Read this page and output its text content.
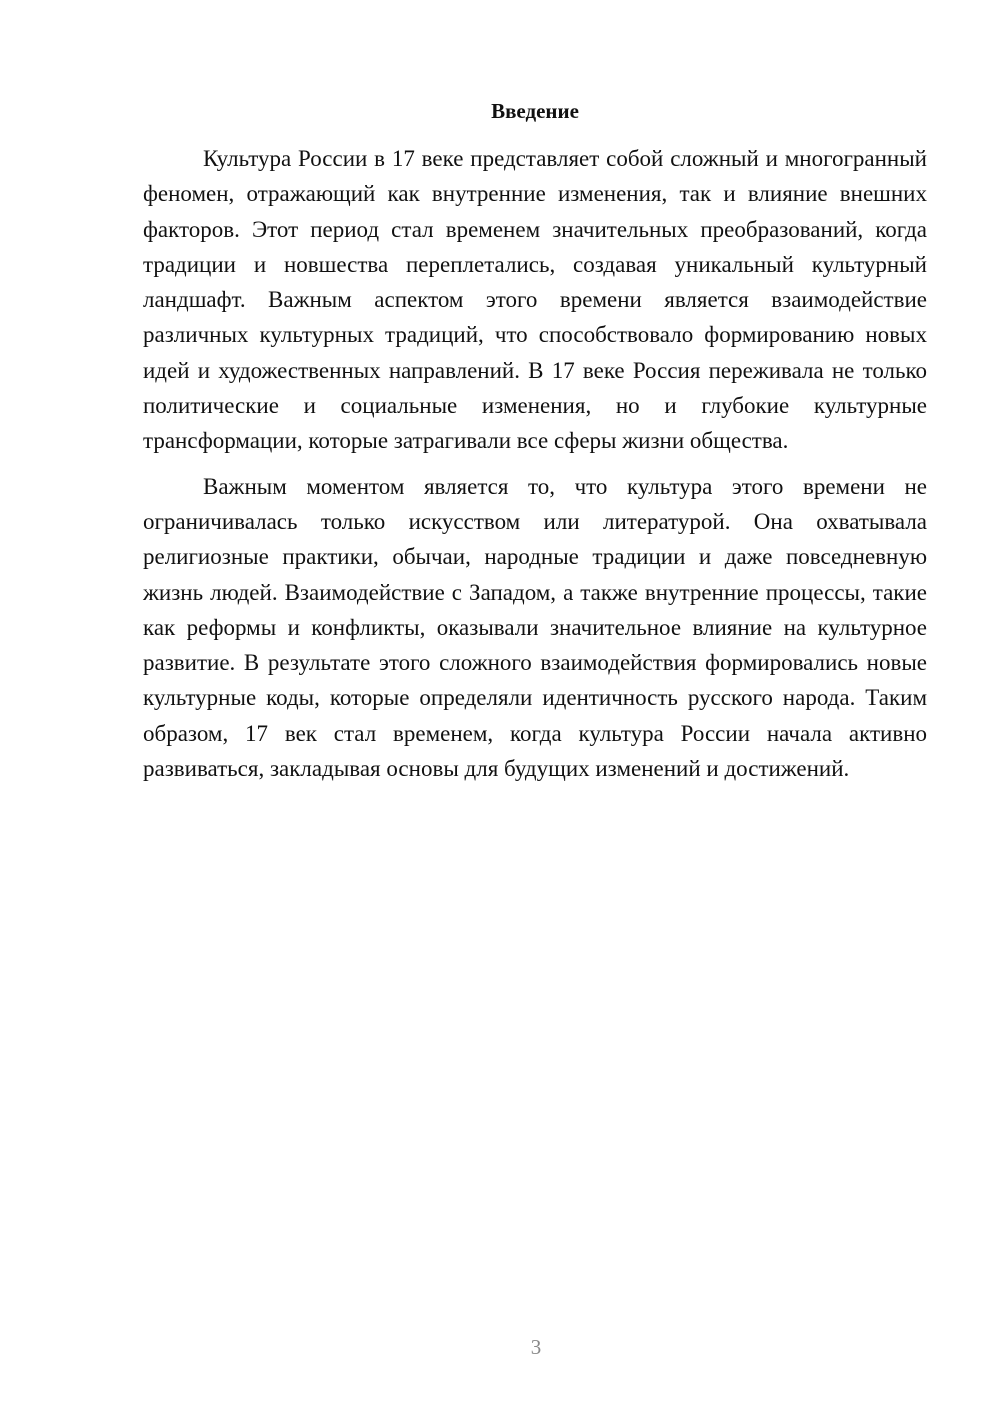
Введение

Культура России в 17 веке представляет собой сложный и многогранный феномен, отражающий как внутренние изменения, так и влияние внешних факторов. Этот период стал временем значительных преобразований, когда традиции и новшества переплетались, создавая уникальный культурный ландшафт. Важным аспектом этого времени является взаимодействие различных культурных традиций, что способствовало формированию новых идей и художественных направлений. В 17 веке Россия переживала не только политические и социальные изменения, но и глубокие культурные трансформации, которые затрагивали все сферы жизни общества.

Важным моментом является то, что культура этого времени не ограничивалась только искусством или литературой. Она охватывала религиозные практики, обычаи, народные традиции и даже повседневную жизнь людей. Взаимодействие с Западом, а также внутренние процессы, такие как реформы и конфликты, оказывали значительное влияние на культурное развитие. В результате этого сложного взаимодействия формировались новые культурные коды, которые определяли идентичность русского народа. Таким образом, 17 век стал временем, когда культура России начала активно развиваться, закладывая основы для будущих изменений и достижений.

3
